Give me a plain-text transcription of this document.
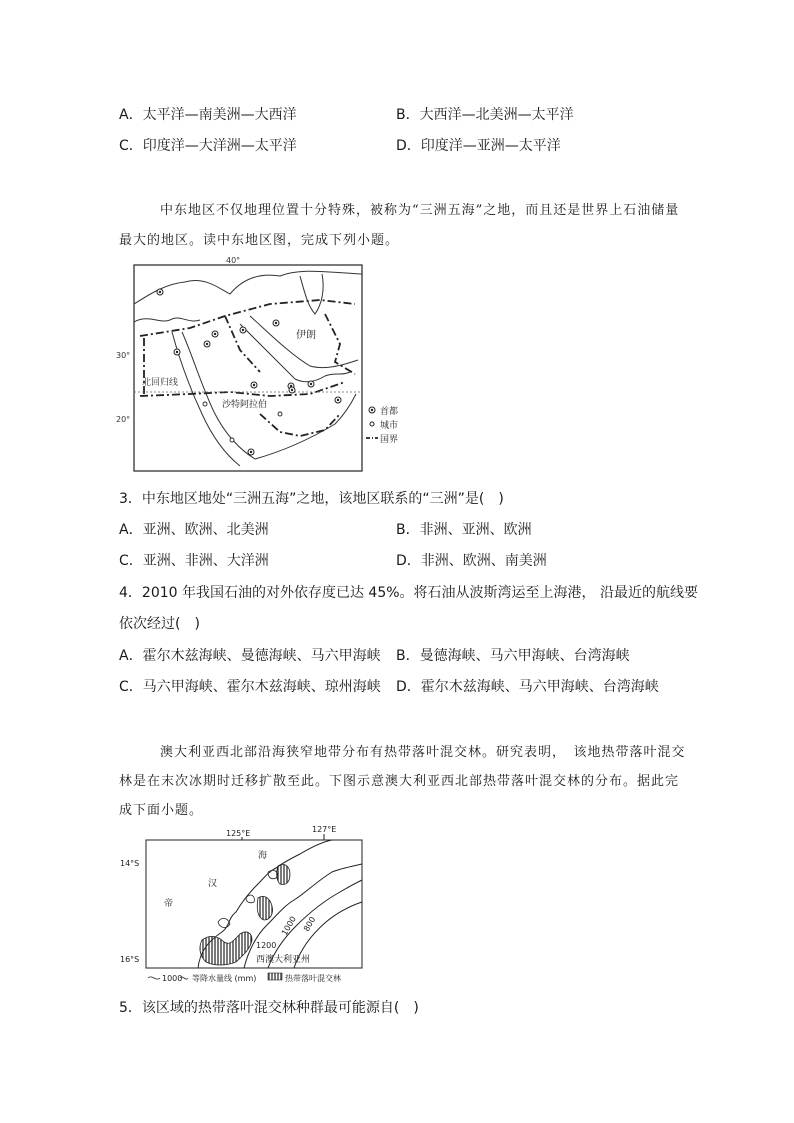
A．太平洋—南美洲—大西洋	B．大西洋—北美洲—太平洋
C．印度洋—大洋洲—太平洋	D．印度洋—亚洲—太平洋
中东地区不仅地理位置十分特殊，被称为“三洲五海”之地，而且还是世界上石油储量
最大的地区。读中东地区图，完成下列小题。
40°
30°
20°
北回归线
伊朗
沙特阿拉伯
首都
城市
国界
3．中东地区地处“三洲五海”之地，该地区联系的“三洲”是(　)
A．亚洲、欧洲、北美洲	B．非洲、亚洲、欧洲
C．亚洲、非洲、大洋洲	D．非洲、欧洲、南美洲
4．2010 年我国石油的对外依存度已达 45%。将石油从波斯湾运至上海港， 沿最近的航线要
依次经过(　)
A．霍尔木兹海峡、曼德海峡、马六甲海峡 B．曼德海峡、马六甲海峡、台湾海峡
C．马六甲海峡、霍尔木兹海峡、琼州海峡 D．霍尔木兹海峡、马六甲海峡、台湾海峡
澳大利亚西北部沿海狭窄地带分布有热带落叶混交林。研究表明，　该地热带落叶混交
林是在末次冰期时迁移扩散至此。下图示意澳大利亚西北部热带落叶混交林的分布。据此完
成下面小题。
125°E	127°E
14°S
16°S
海
汉
帝
1200
1000 800
西澳大利亚州
1000 等降水量线 (mm)	热带落叶混交林
5．该区域的热带落叶混交林种群最可能源自(　)
